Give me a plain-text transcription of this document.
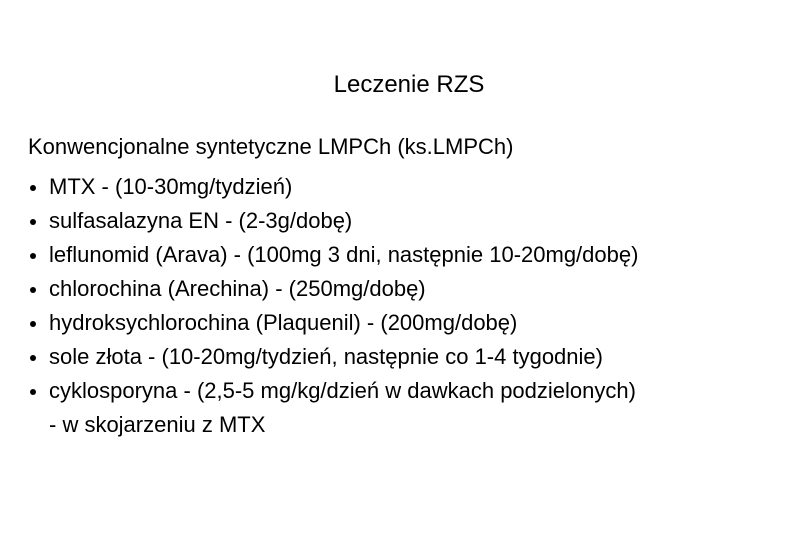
Leczenie RZS

Konwencjonalne syntetyczne LMPCh (ks.LMPCh)

MTX - (10-30mg/tydzień)
sulfasalazyna EN - (2-3g/dobę)
leflunomid (Arava) - (100mg 3 dni, następnie 10-20mg/dobę)
chlorochina (Arechina) - (250mg/dobę)
hydroksychlorochina (Plaquenil) - (200mg/dobę)
sole złota - (10-20mg/tydzień, następnie co 1-4 tygodnie)
cyklosporyna - (2,5-5 mg/kg/dzień w dawkach podzielonych)
- w skojarzeniu z MTX
